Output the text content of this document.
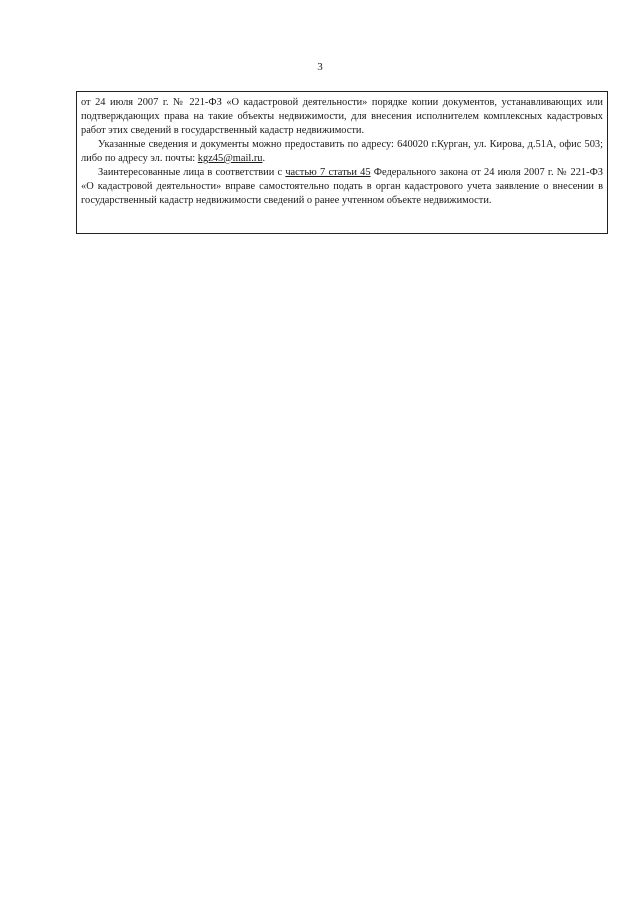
3

от 24 июля 2007 г. № 221-ФЗ «О кадастровой деятельности» порядке копии документов, устанавливающих или подтверждающих права на такие объекты недвижимости, для внесения исполнителем комплексных кадастровых работ этих сведений в государственный кадастр недвижимости.

Указанные сведения и документы можно предоставить по адресу: 640020 г.Курган, ул. Кирова, д.51А, офис 503; либо по адресу эл. почты: kgz45@mail.ru.

Заинтересованные лица в соответствии с частью 7 статьи 45 Федерального закона от 24 июля 2007 г. № 221-ФЗ «О кадастровой деятельности» вправе самостоятельно подать в орган кадастрового учета заявление о внесении в государственный кадастр недвижимости сведений о ранее учтенном объекте недвижимости.
